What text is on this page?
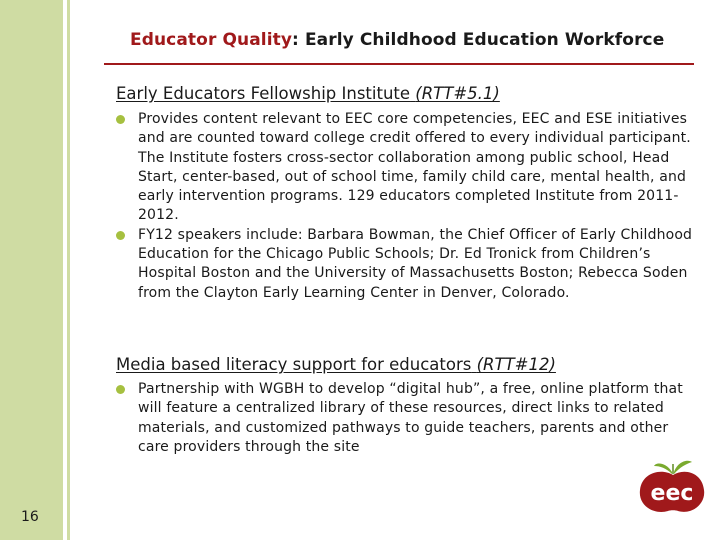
Educator Quality: Early Childhood Education Workforce
Early Educators Fellowship Institute (RTT#5.1)
Provides content relevant to EEC core competencies, EEC and ESE initiatives and are counted toward college credit offered to every individual participant. The Institute fosters cross-sector collaboration among public school, Head Start, center-based, out of school time, family child care, mental health, and early intervention programs. 129 educators completed Institute from 2011-2012.
FY12 speakers include: Barbara Bowman, the Chief Officer of Early Childhood Education for the Chicago Public Schools; Dr. Ed Tronick from Children’s Hospital Boston and the University of Massachusetts Boston; Rebecca Soden from the Clayton Early Learning Center in Denver, Colorado.
Media based literacy support for educators (RTT#12)
Partnership with WGBH to develop “digital hub”, a free, online platform that will feature a centralized library of these resources, direct links to related materials, and customized pathways to guide teachers, parents and other care providers through the site
16
eec
